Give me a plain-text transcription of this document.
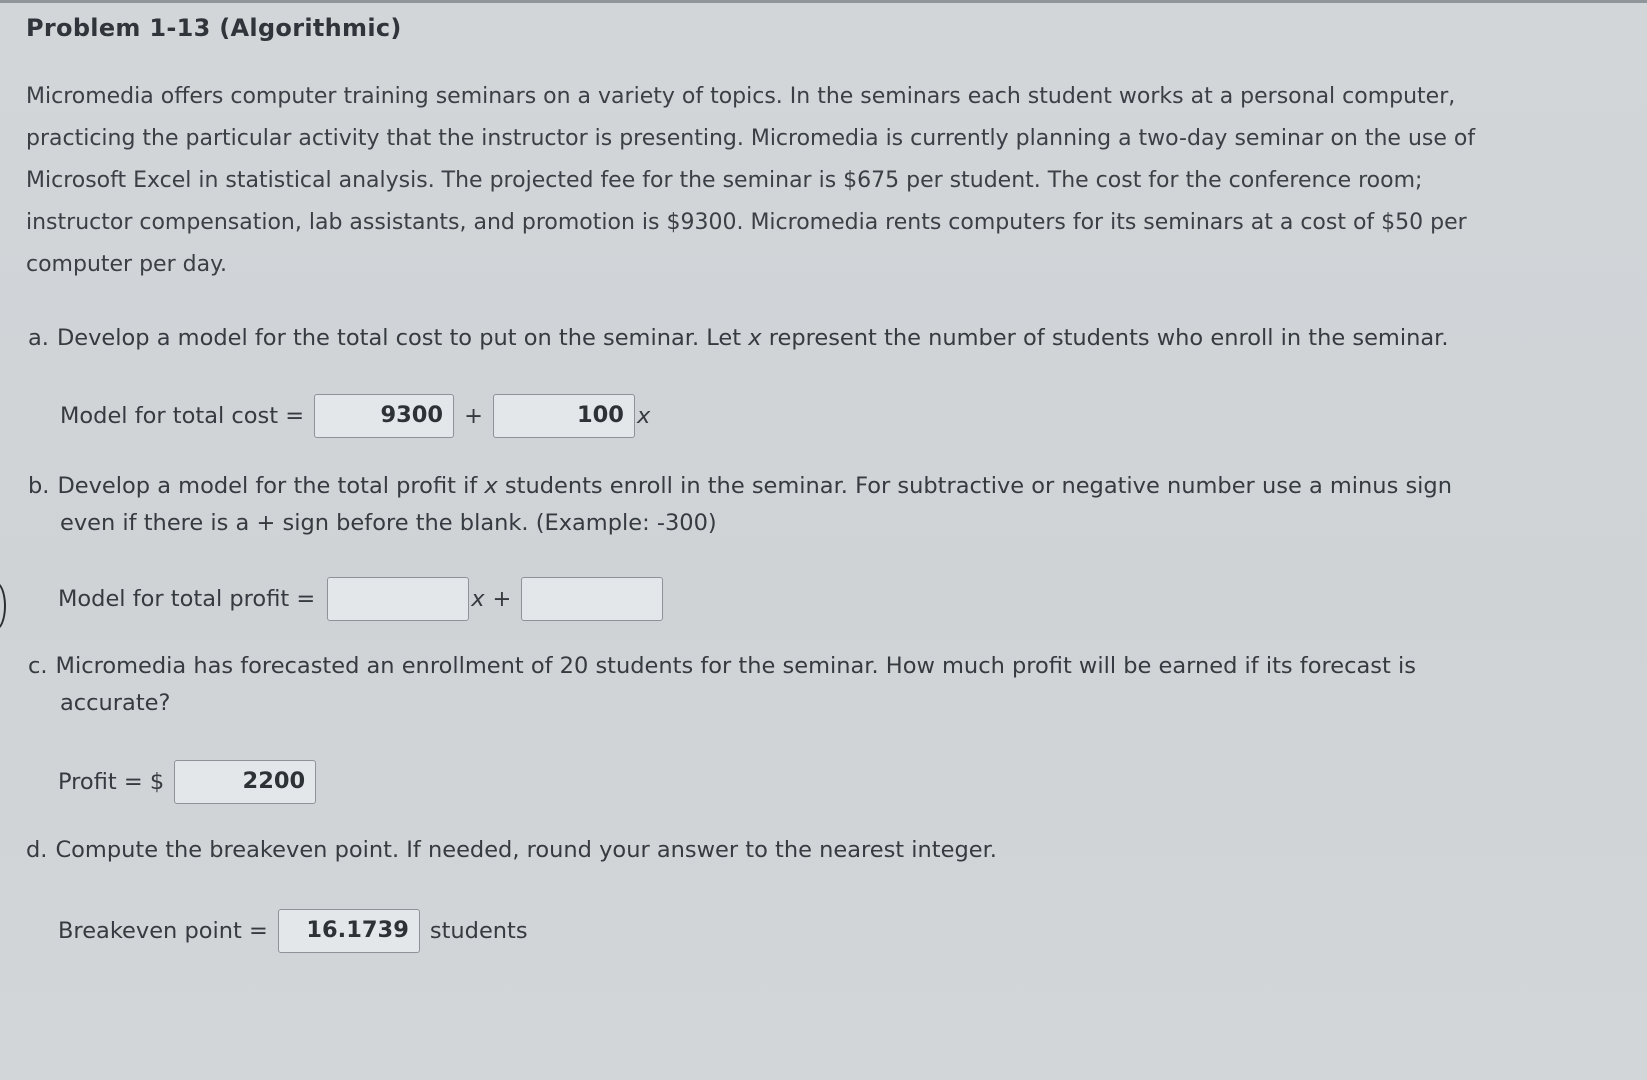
Problem 1-13 (Algorithmic)
Micromedia offers computer training seminars on a variety of topics. In the seminars each student works at a personal computer,
practicing the particular activity that the instructor is presenting. Micromedia is currently planning a two-day seminar on the use of
Microsoft Excel in statistical analysis. The projected fee for the seminar is $675 per student. The cost for the conference room;
instructor compensation, lab assistants, and promotion is $9300. Micromedia rents computers for its seminars at a cost of $50 per
computer per day.
a. Develop a model for the total cost to put on the seminar. Let x represent the number of students who enroll in the seminar.
Model for total cost =	9300 +	100 x
b. Develop a model for the total profit if x students enroll in the seminar. For subtractive or negative number use a minus sign
even if there is a + sign before the blank. (Example: -300)
Model for total profit =	x +
c. Micromedia has forecasted an enrollment of 20 students for the seminar. How much profit will be earned if its forecast is
accurate?
Profit = $	2200
d. Compute the breakeven point. If needed, round your answer to the nearest integer.
Breakeven point =	16.1739 students
